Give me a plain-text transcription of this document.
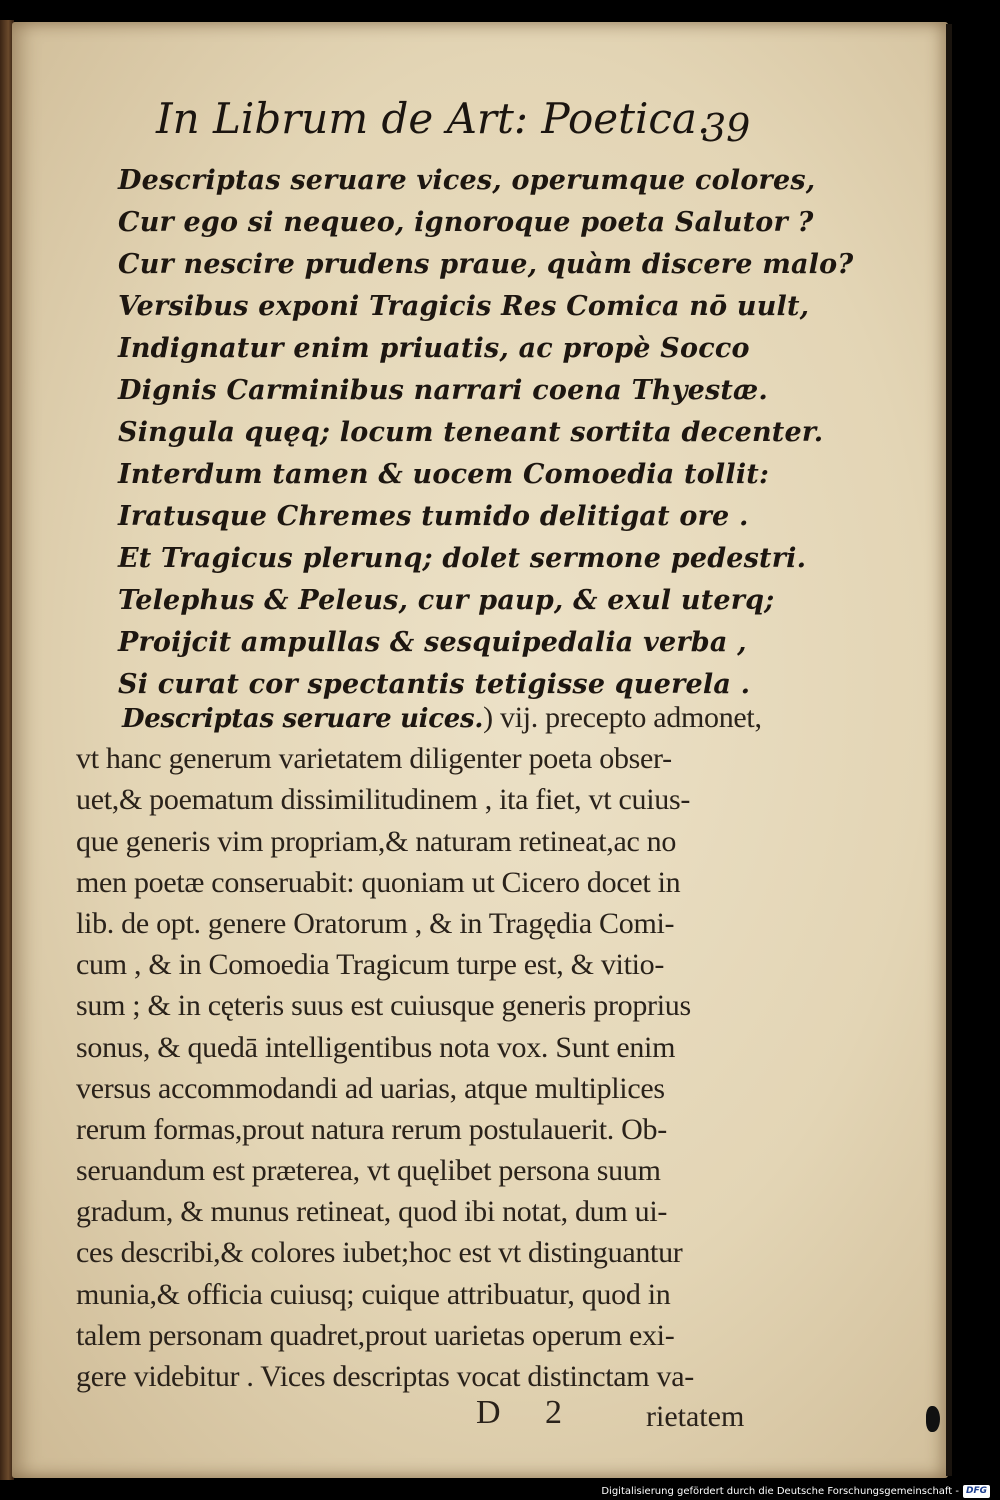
In Librum de Art: Poetica.
39
Descriptas seruare vices, operumque colores,
Cur ego si nequeo, ignoroque poeta Salutor ?
Cur nescire prudens praue, quàm discere malo?
Versibus exponi Tragicis Res Comica nō uult,
Indignatur enim priuatis, ac propè Socco
Dignis Carminibus narrari coena Thyestæ.
Singula quęq; locum teneant sortita decenter.
Interdum tamen & uocem Comoedia tollit:
Iratusque Chremes tumido delitigat ore .
Et Tragicus plerunq; dolet sermone pedestri.
Telephus & Peleus, cur paup, & exul uterq;
Proijcit ampullas & sesquipedalia verba ,
Si curat cor spectantis tetigisse querela .
Descriptas seruare uices.) vij. precepto admonet,
vt hanc generum varietatem diligenter poeta obser-
uet,& poematum dissimilitudinem , ita fiet, vt cuius-
que generis vim propriam,& naturam retineat,ac no
men poetæ conseruabit: quoniam ut Cicero docet in
lib. de opt. genere Oratorum , & in Tragędia Comi-
cum , & in Comoedia Tragicum turpe est, & vitio-
sum ; & in cęteris suus est cuiusque generis proprius
sonus, & quedā intelligentibus nota vox. Sunt enim
versus accommodandi ad uarias, atque multiplices
rerum formas,prout natura rerum postulauerit. Ob-
seruandum est præterea, vt quęlibet persona suum
gradum, & munus retineat, quod ibi notat, dum ui-
ces describi,& colores iubet;hoc est vt distinguantur
munia,& officia cuiusq; cuique attribuatur, quod in
talem personam quadret,prout uarietas operum exi-
gere videbitur . Vices descriptas vocat distinctam va-
D 2 rietatem
Digitalisierung gefördert durch die Deutsche Forschungsgemeinschaft - DFG
